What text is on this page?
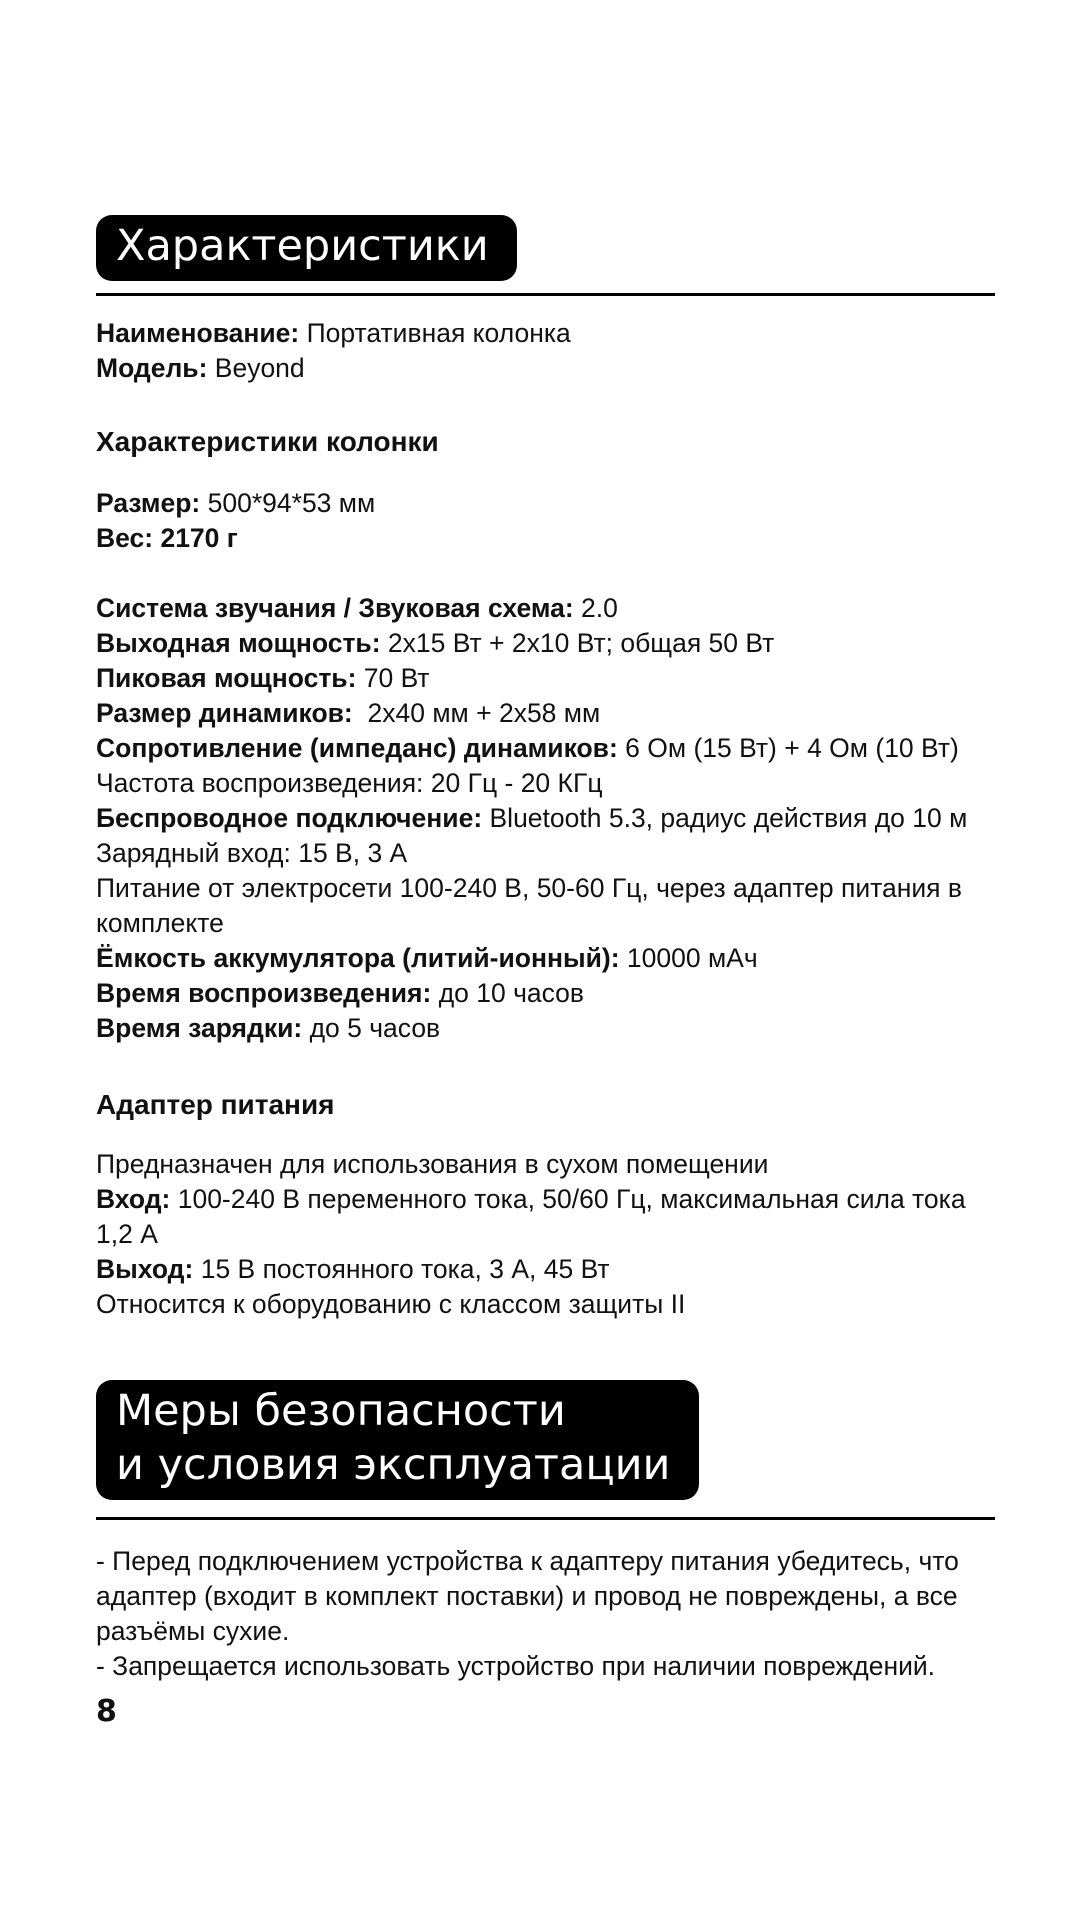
Характеристики
Наименование: Портативная колонка
Модель: Beyond
Характеристики колонки
Размер: 500*94*53 мм
Вес: 2170 г
Система звучания / Звуковая схема: 2.0
Выходная мощность: 2x15 Вт + 2x10 Вт; общая 50 Вт
Пиковая мощность: 70 Вт
Размер динамиков:  2x40 мм + 2x58 мм
Сопротивление (импеданс) динамиков: 6 Ом (15 Вт) + 4 Ом (10 Вт)
Частота воспроизведения: 20 Гц - 20 КГц
Беспроводное подключение: Bluetooth 5.3, радиус действия до 10 м
Зарядный вход: 15 В, 3 А
Питание от электросети 100-240 В, 50-60 Гц, через адаптер питания в комплекте
Ёмкость аккумулятора (литий-ионный): 10000 мАч
Время воспроизведения: до 10 часов
Время зарядки: до 5 часов
Адаптер питания
Предназначен для использования в сухом помещении
Вход: 100-240 В переменного тока, 50/60 Гц, максимальная сила тока 1,2 А
Выход: 15 В постоянного тока, 3 А, 45 Вт
Относится к оборудованию с классом защиты II
Меры безопасности
и условия эксплуатации
- Перед подключением устройства к адаптеру питания убедитесь, что адаптер (входит в комплект поставки) и провод не повреждены, а все разъёмы сухие.
- Запрещается использовать устройство при наличии повреждений.
8
